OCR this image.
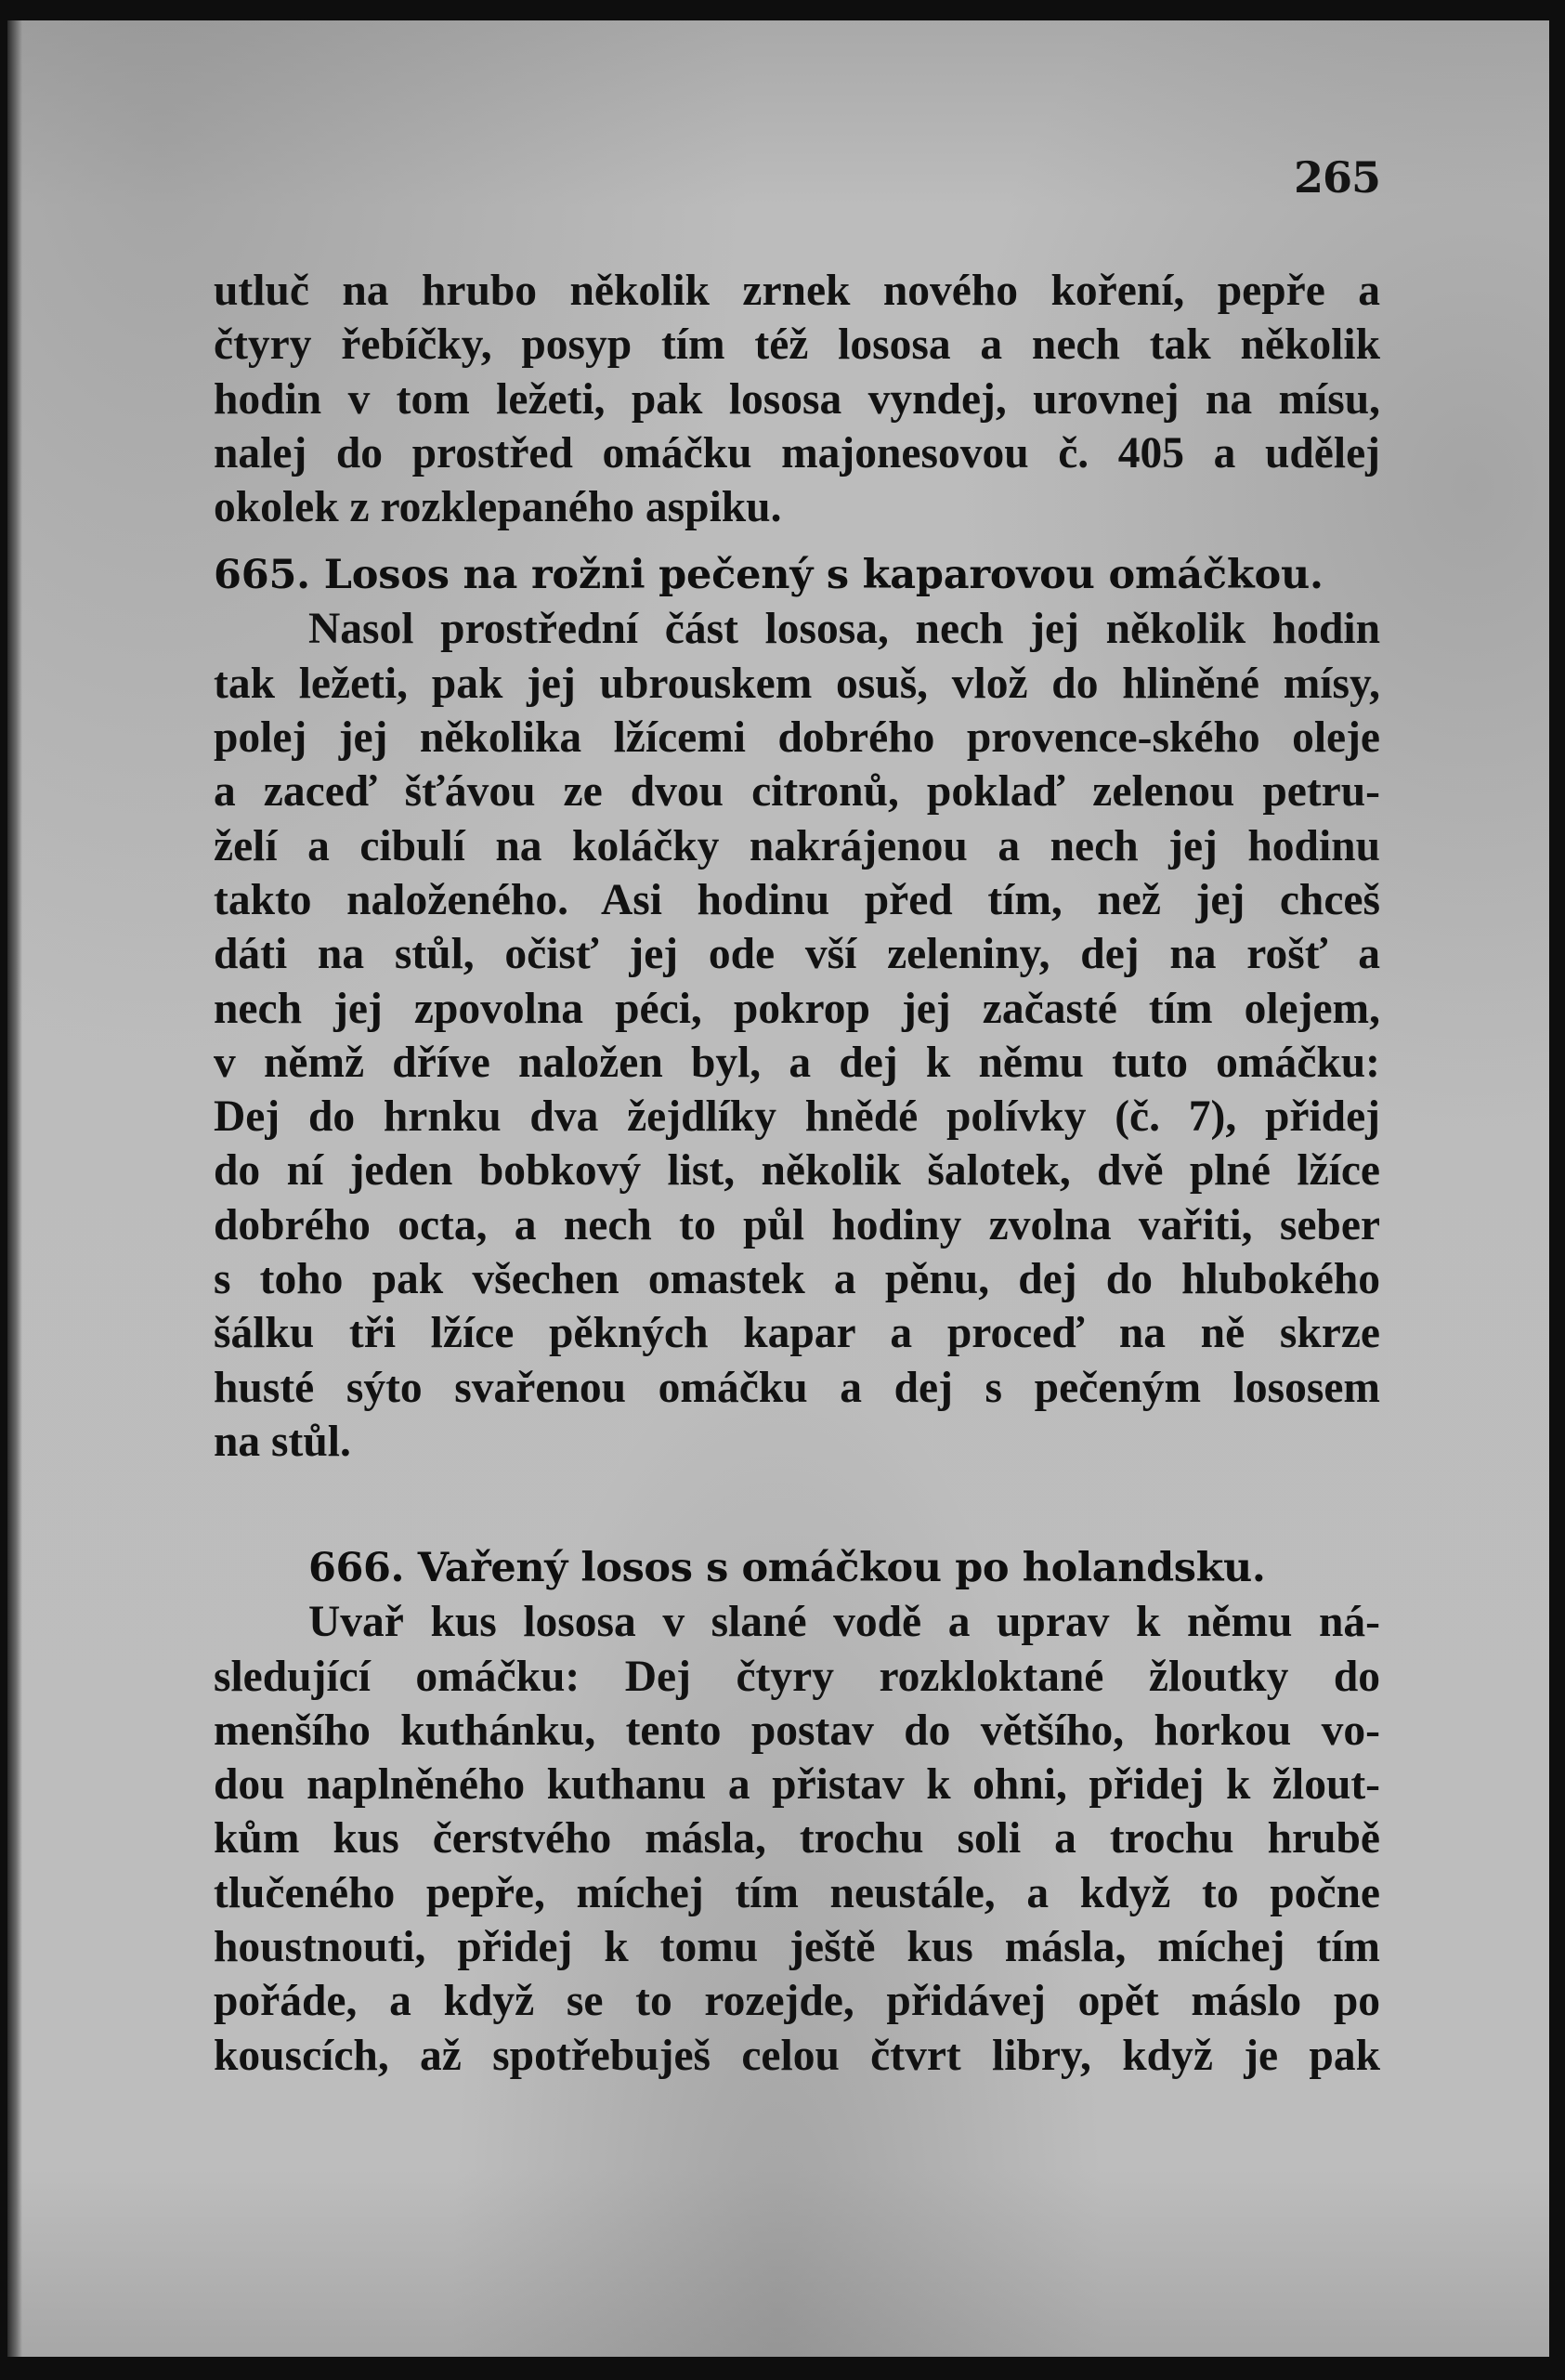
265

utluč na hrubo několik zrnek nového koření, pepře a

čtyry řebíčky, posyp tím též lososa a nech tak několik

hodin v tom ležeti, pak lososa vyndej, urovnej na mísu,

nalej do prostřed omáčku majonesovou č. 405 a udělej

okolek z rozklepaného aspiku.

665. Losos na rožni pečený s kaparovou omáčkou.

Nasol prostřední část lososa, nech jej několik hodin

tak ležeti, pak jej ubrouskem osuš, vlož do hliněné mísy,

polej jej několika lžícemi dobrého provence-ského oleje

a zaceď šťávou ze dvou citronů, poklaď zelenou petru-

želí a cibulí na koláčky nakrájenou a nech jej hodinu

takto naloženého. Asi hodinu před tím, než jej chceš

dáti na stůl, očisť jej ode vší zeleniny, dej na rošť a

nech jej zpovolna péci, pokrop jej začasté tím olejem,

v němž dříve naložen byl, a dej k němu tuto omáčku:

Dej do hrnku dva žejdlíky hnědé polívky (č. 7), přidej

do ní jeden bobkový list, několik šalotek, dvě plné lžíce

dobrého octa, a nech to půl hodiny zvolna vařiti, seber

s toho pak všechen omastek a pěnu, dej do hlubokého

šálku tři lžíce pěkných kapar a proceď na ně skrze

husté sýto svařenou omáčku a dej s pečeným lososem

na stůl.

666. Vařený losos s omáčkou po holandsku.

Uvař kus lososa v slané vodě a uprav k němu ná-

sledující omáčku: Dej čtyry rozkloktané žloutky do

menšího kuthánku, tento postav do většího, horkou vo-

dou naplněného kuthanu a přistav k ohni, přidej k žlout-

kům kus čerstvého másla, trochu soli a trochu hrubě

tlučeného pepře, míchej tím neustále, a když to počne

houstnouti, přidej k tomu ještě kus másla, míchej tím

pořáde, a když se to rozejde, přidávej opět máslo po

kouscích, až spotřebuješ celou čtvrt libry, když je pak
